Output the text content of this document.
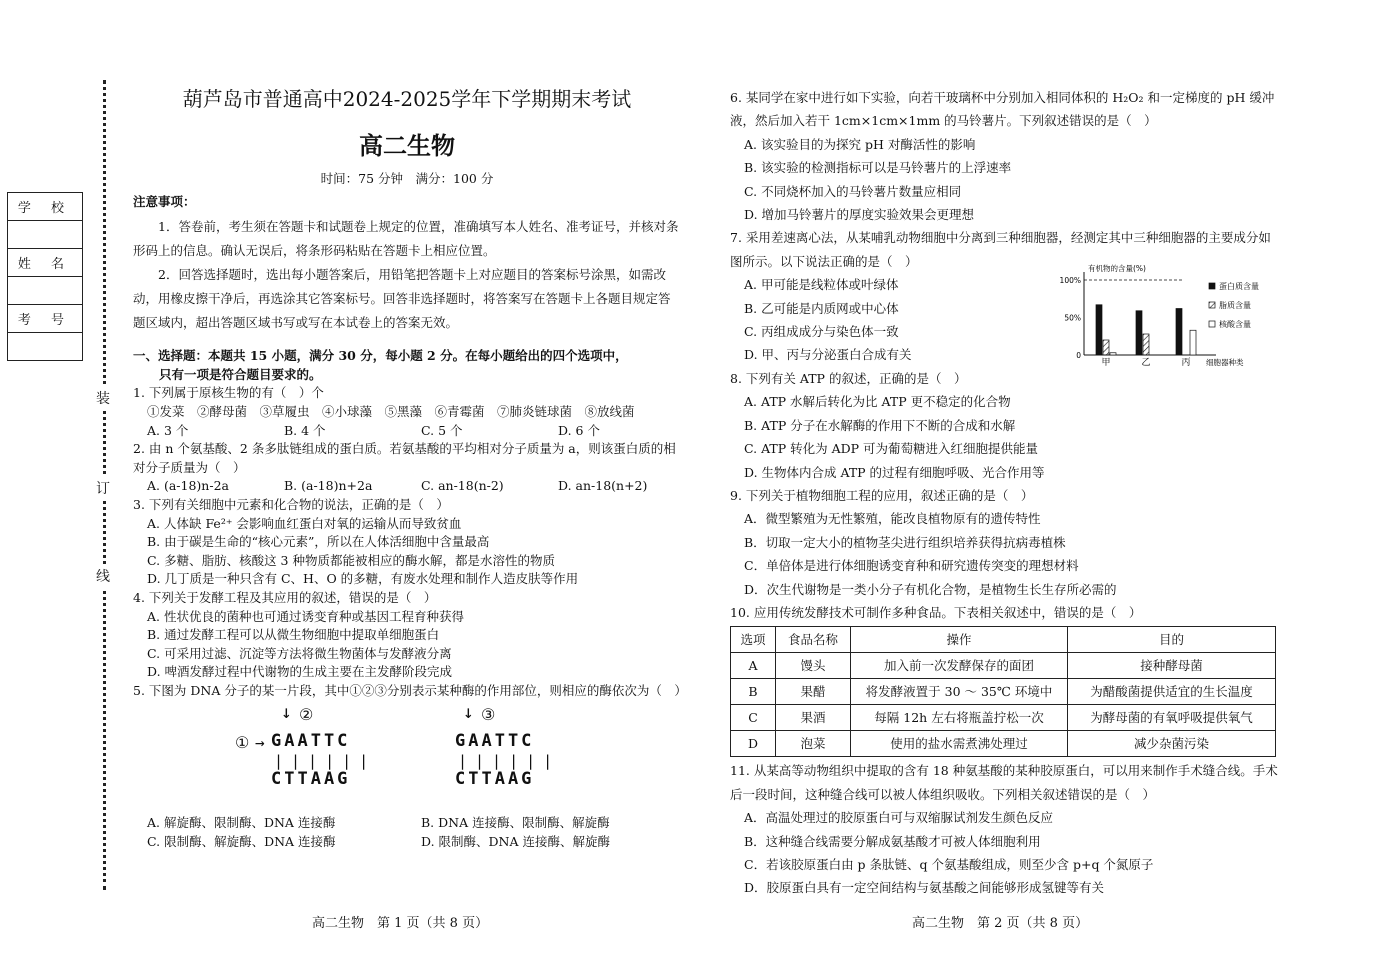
装
订
线
学 校

姓 名

考 号

葫芦岛市普通高中2024-2025学年下学期期末考试
高二生物
时间：75 分钟　满分：100 分
注意事项：
1．答卷前，考生须在答题卡和试题卷上规定的位置，准确填写本人姓名、准考证号，并核对条形码上的信息。确认无误后，将条形码粘贴在答题卡上相应位置。
2．回答选择题时，选出每小题答案后，用铅笔把答题卡上对应题目的答案标号涂黑，如需改动，用橡皮擦干净后，再选涂其它答案标号。回答非选择题时，将答案写在答题卡上各题目规定答题区域内，超出答题区域书写或写在本试卷上的答案无效。
一、选择题：本题共 15 小题，满分 30 分，每小题 2 分。在每小题给出的四个选项中，
只有一项是符合题目要求的。
1. 下列属于原核生物的有（　）个
①发菜　②酵母菌　③草履虫　④小球藻　⑤黑藻　⑥青霉菌　⑦肺炎链球菌　⑧放线菌
A. 3 个	B. 4 个	C. 5 个	D. 6 个
2. 由 n 个氨基酸、2 条多肽链组成的蛋白质。若氨基酸的平均相对分子质量为 a，则该蛋白质的相对分子质量为（　）
A. (a-18)n-2a	B. (a-18)n+2a	C. an-18(n-2)	D. an-18(n+2)
3. 下列有关细胞中元素和化合物的说法，正确的是（　）
A. 人体缺 Fe²⁺ 会影响血红蛋白对氧的运输从而导致贫血
B. 由于碳是生命的“核心元素”，所以在人体活细胞中含量最高
C. 多糖、脂肪、核酸这 3 种物质都能被相应的酶水解，都是水溶性的物质
D. 几丁质是一种只含有 C、H、O 的多糖，有废水处理和制作人造皮肤等作用
4. 下列关于发酵工程及其应用的叙述，错误的是（　）
A. 性状优良的菌种也可通过诱变育种或基因工程育种获得
B. 通过发酵工程可以从微生物细胞中提取单细胞蛋白
C. 可采用过滤、沉淀等方法将微生物菌体与发酵液分离
D. 啤酒发酵过程中代谢物的生成主要在主发酵阶段完成
5. 下图为 DNA 分子的某一片段，其中①②③分别表示某种酶的作用部位，则相应的酶依次为（　）
↓ ②
① → GAATTC
||||||
CTTAAG
↓ ③
GAATTC
||||||
CTTAAG
A. 解旋酶、限制酶、DNA 连接酶	B. DNA 连接酶、限制酶、解旋酶
C. 限制酶、解旋酶、DNA 连接酶	D. 限制酶、DNA 连接酶、解旋酶
高二生物　第 1 页（共 8 页）
6. 某同学在家中进行如下实验，向若干玻璃杯中分别加入相同体积的 H₂O₂ 和一定梯度的 pH 缓冲液，然后加入若干 1cm×1cm×1mm 的马铃薯片。下列叙述错误的是（　）
A. 该实验目的为探究 pH 对酶活性的影响
B. 该实验的检测指标可以是马铃薯片的上浮速率
C. 不同烧杯加入的马铃薯片数量应相同
D. 增加马铃薯片的厚度实验效果会更理想
7. 采用差速离心法，从某哺乳动物细胞中分离到三种细胞器，经测定其中三种细胞器的主要成分如图所示。以下说法正确的是（　）
A. 甲可能是线粒体或叶绿体
B. 乙可能是内质网或中心体
C. 丙组成成分与染色体一致
D. 甲、丙与分泌蛋白合成有关
8. 下列有关 ATP 的叙述，正确的是（　）
A. ATP 水解后转化为比 ATP 更不稳定的化合物
B. ATP 分子在水解酶的作用下不断的合成和水解
C. ATP 转化为 ADP 可为葡萄糖进入红细胞提供能量
D. 生物体内合成 ATP 的过程有细胞呼吸、光合作用等
9. 下列关于植物细胞工程的应用，叙述正确的是（　）
A．微型繁殖为无性繁殖，能改良植物原有的遗传特性
B．切取一定大小的植物茎尖进行组织培养获得抗病毒植株
C．单倍体是进行体细胞诱变育种和研究遗传突变的理想材料
D．次生代谢物是一类小分子有机化合物，是植物生长生存所必需的
10. 应用传统发酵技术可制作多种食品。下表相关叙述中，错误的是（　）
选项	食品名称	操作	目的
A	馒头	加入前一次发酵保存的面团	接种酵母菌
B	果醋	将发酵液置于 30 ～ 35℃ 环境中	为醋酸菌提供适宜的生长温度
C	果酒	每隔 12h 左右将瓶盖拧松一次	为酵母菌的有氧呼吸提供氧气
D	泡菜	使用的盐水需煮沸处理过	减少杂菌污染
11. 从某高等动物组织中提取的含有 18 种氨基酸的某种胶原蛋白，可以用来制作手术缝合线。手术后一段时间，这种缝合线可以被人体组织吸收。下列相关叙述错误的是（　）
A．高温处理过的胶原蛋白可与双缩脲试剂发生颜色反应
B．这种缝合线需要分解成氨基酸才可被人体细胞利用
C．若该胶原蛋白由 p 条肽链、q 个氨基酸组成，则至少含 p+q 个氮原子
D．胶原蛋白具有一定空间结构与氨基酸之间能够形成氢键等有关
高二生物　第 2 页（共 8 页）
有机物的含量(%)
0
50%
100%
甲	乙	丙 细胞器种类
蛋白质含量
脂质含量
核酸含量
